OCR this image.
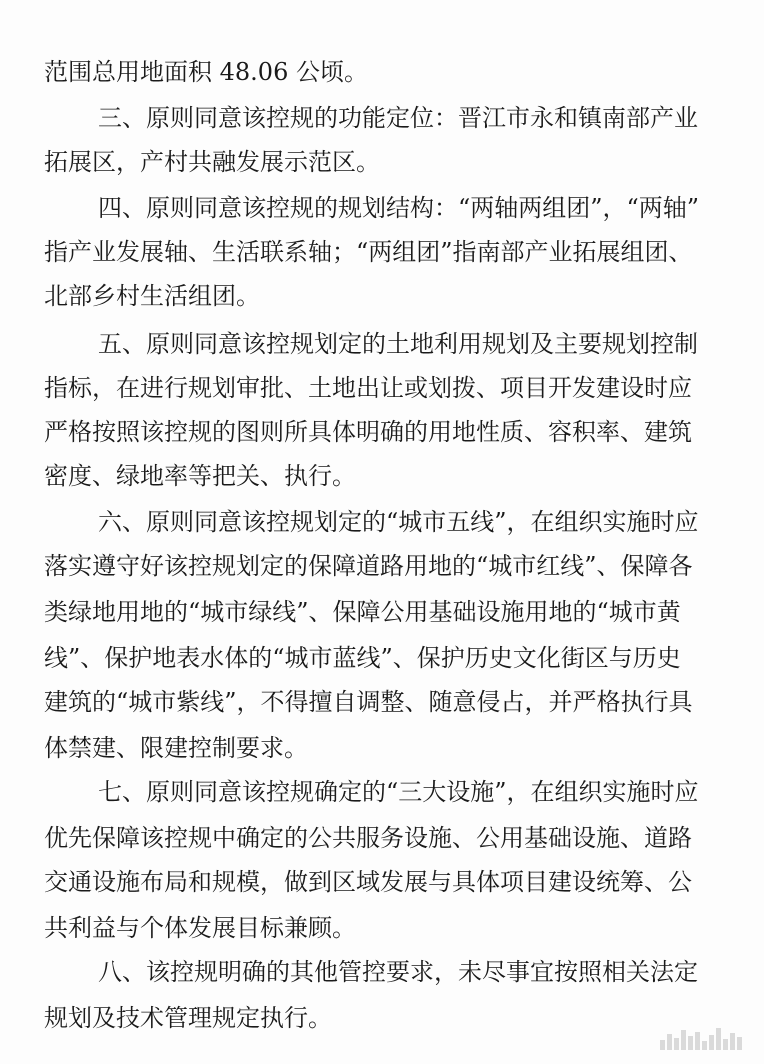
范围总用地面积 48.06 公顷。

三、原则同意该控规的功能定位：晋江市永和镇南部产业

拓展区，产村共融发展示范区。

四、原则同意该控规的规划结构：“两轴两组团”，“两轴”

指产业发展轴、生活联系轴；“两组团”指南部产业拓展组团、

北部乡村生活组团。

五、原则同意该控规划定的土地利用规划及主要规划控制

指标，在进行规划审批、土地出让或划拨、项目开发建设时应

严格按照该控规的图则所具体明确的用地性质、容积率、建筑

密度、绿地率等把关、执行。

六、原则同意该控规划定的“城市五线”，在组织实施时应

落实遵守好该控规划定的保障道路用地的“城市红线”、保障各

类绿地用地的“城市绿线”、保障公用基础设施用地的“城市黄

线”、保护地表水体的“城市蓝线”、保护历史文化街区与历史

建筑的“城市紫线”，不得擅自调整、随意侵占，并严格执行具

体禁建、限建控制要求。

七、原则同意该控规确定的“三大设施”，在组织实施时应

优先保障该控规中确定的公共服务设施、公用基础设施、道路

交通设施布局和规模，做到区域发展与具体项目建设统筹、公

共利益与个体发展目标兼顾。

八、该控规明确的其他管控要求，未尽事宜按照相关法定

规划及技术管理规定执行。
